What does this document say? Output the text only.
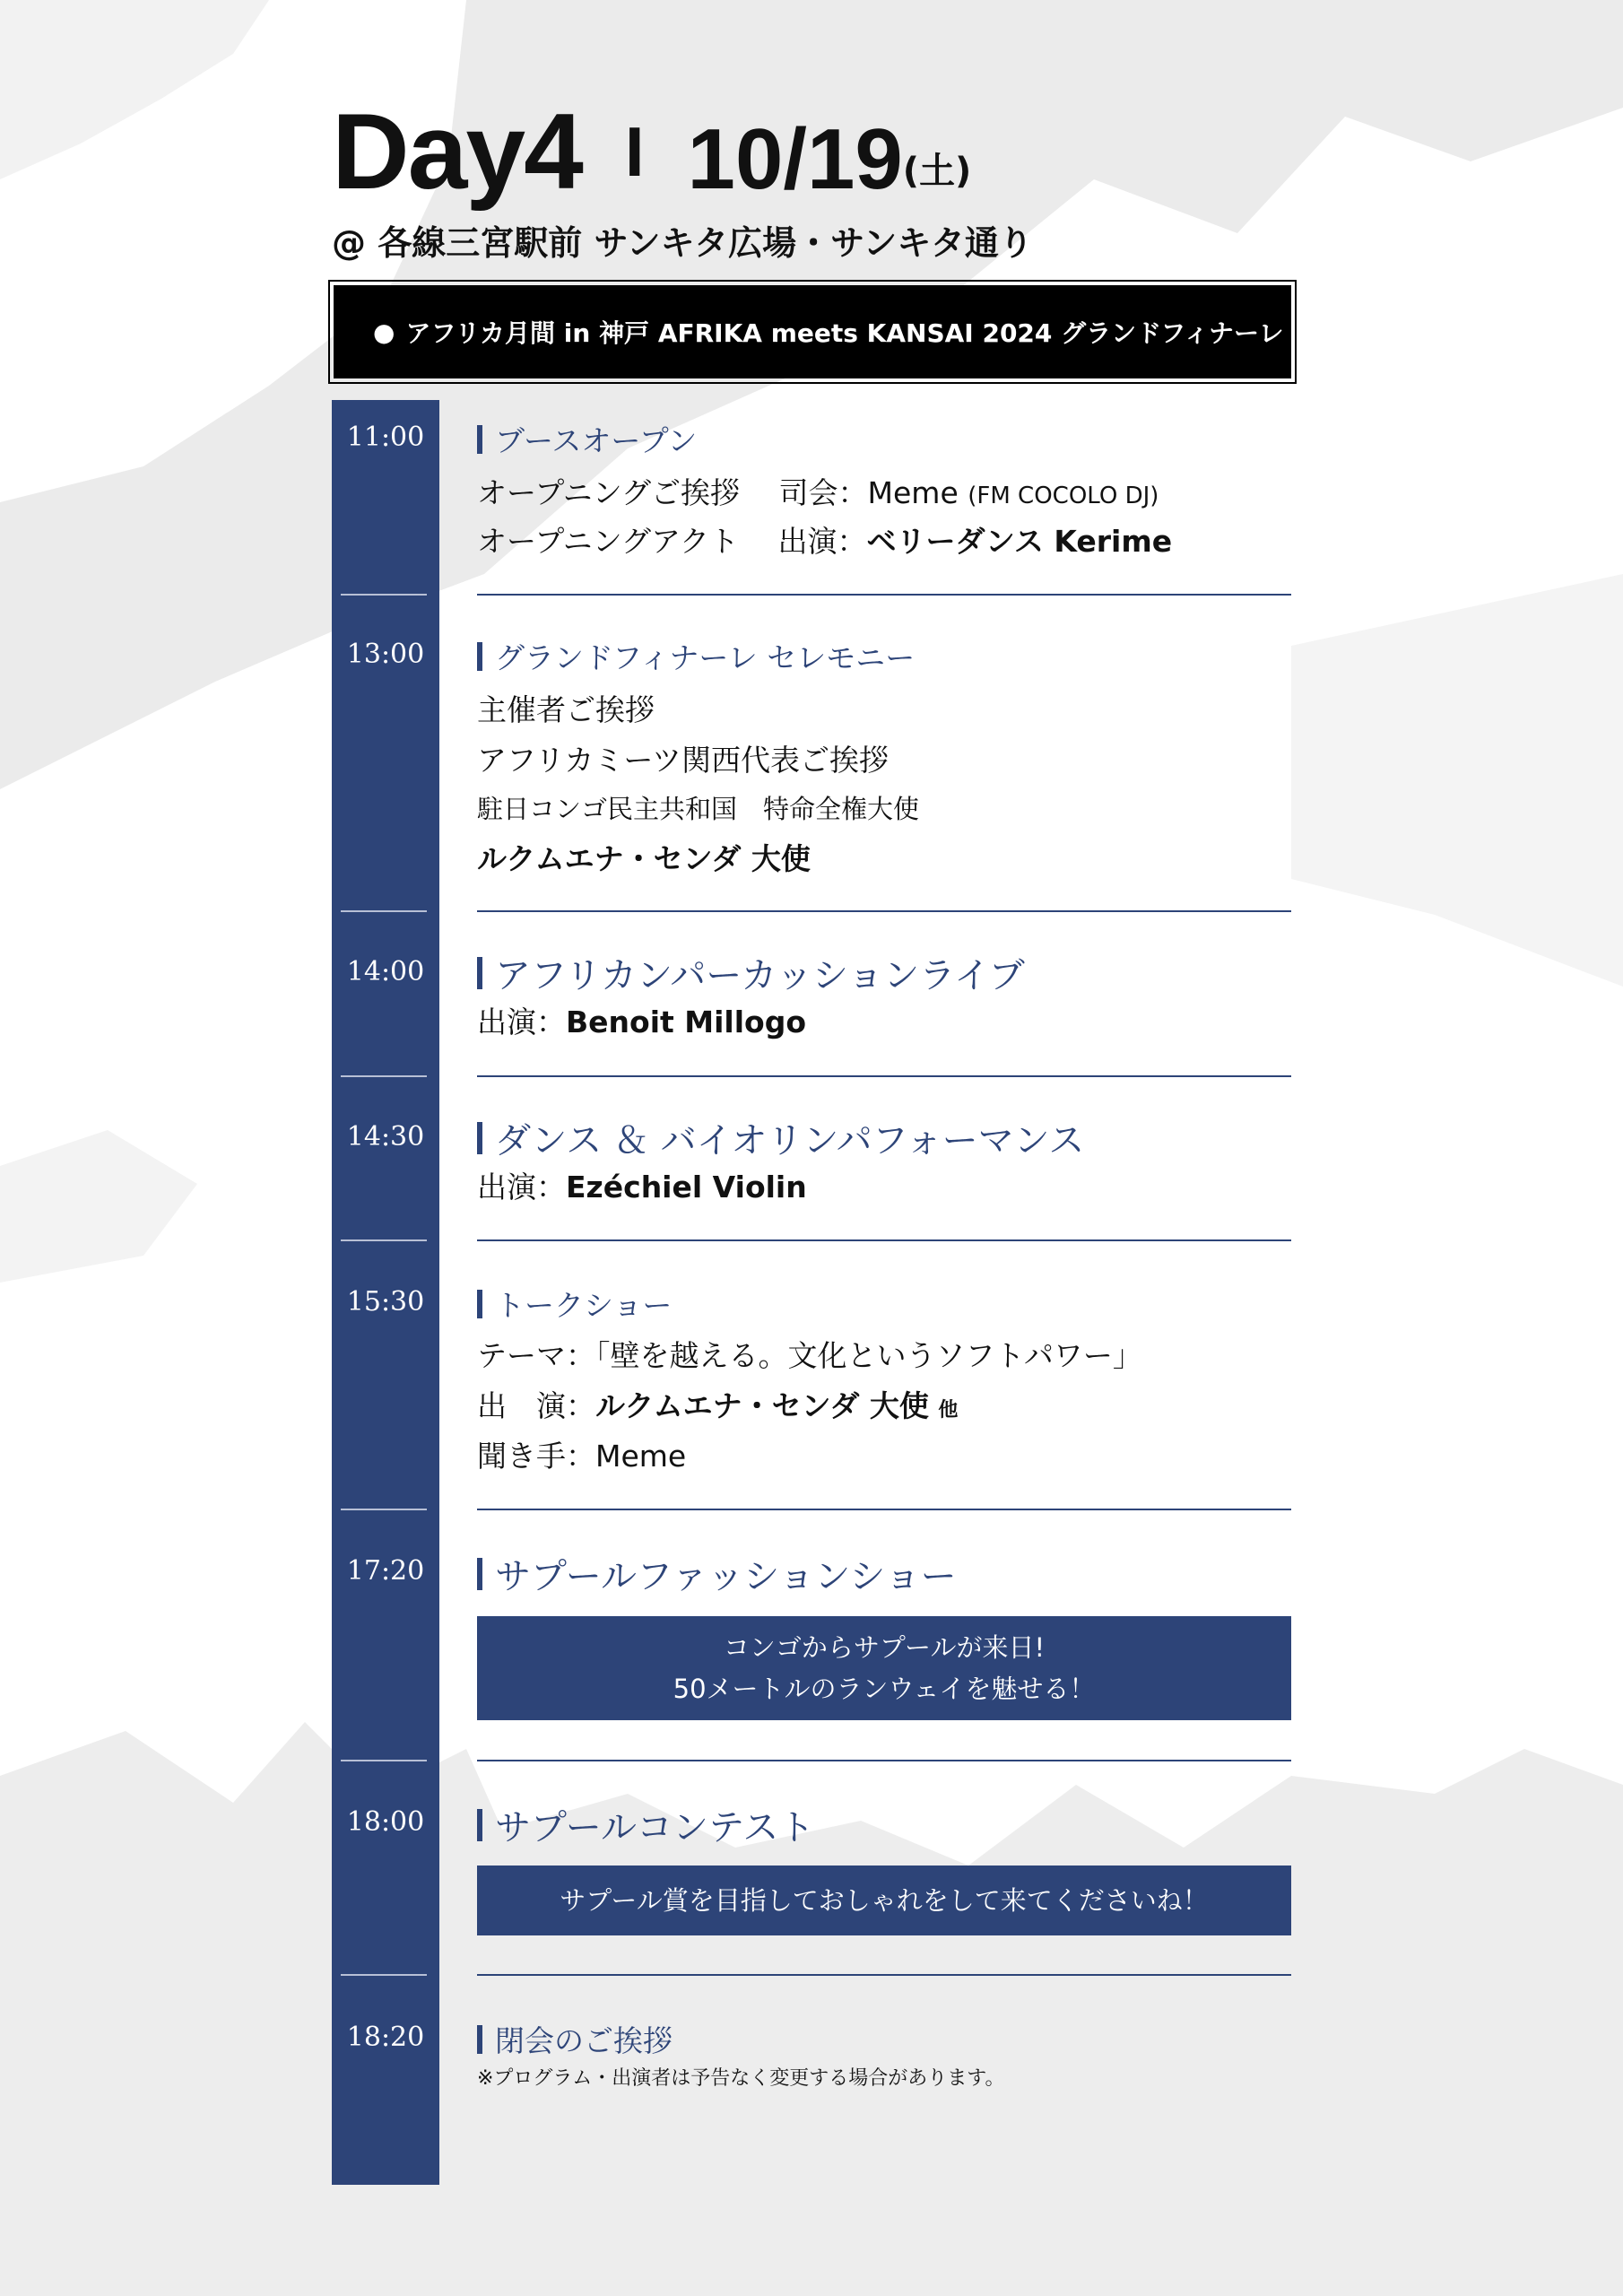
Day4 I 10/19(土)
@ 各線三宮駅前 サンキタ広場・サンキタ通り
● アフリカ月間 in 神戸 AFRIKA meets KANSAI 2024 グランドフィナーレ
11:00	ブースオープン
オープニングご挨拶　 司会：Meme (FM COCOLO DJ)
オープニングアクト　 出演：ベリーダンス Kerime
13:00	グランドフィナーレ セレモニー
主催者ご挨拶
アフリカミーツ関西代表ご挨拶
駐日コンゴ民主共和国　特命全権大使
ルクムエナ・センダ 大使
14:00	アフリカンパーカッションライブ
出演：Benoit Millogo
14:30	ダンス ＆ バイオリンパフォーマンス
出演：Ezéchiel Violin
15:30	トークショー
テーマ：「壁を越える。文化というソフトパワー」
出　演：ルクムエナ・センダ 大使 他
聞き手：Meme
17:20	サプールファッションショー
コンゴからサプールが来日!
50メートルのランウェイを魅せる！
18:00	サプールコンテスト
サプール賞を目指しておしゃれをして来てくださいね！
18:20	閉会のご挨拶
※プログラム・出演者は予告なく変更する場合があります。
